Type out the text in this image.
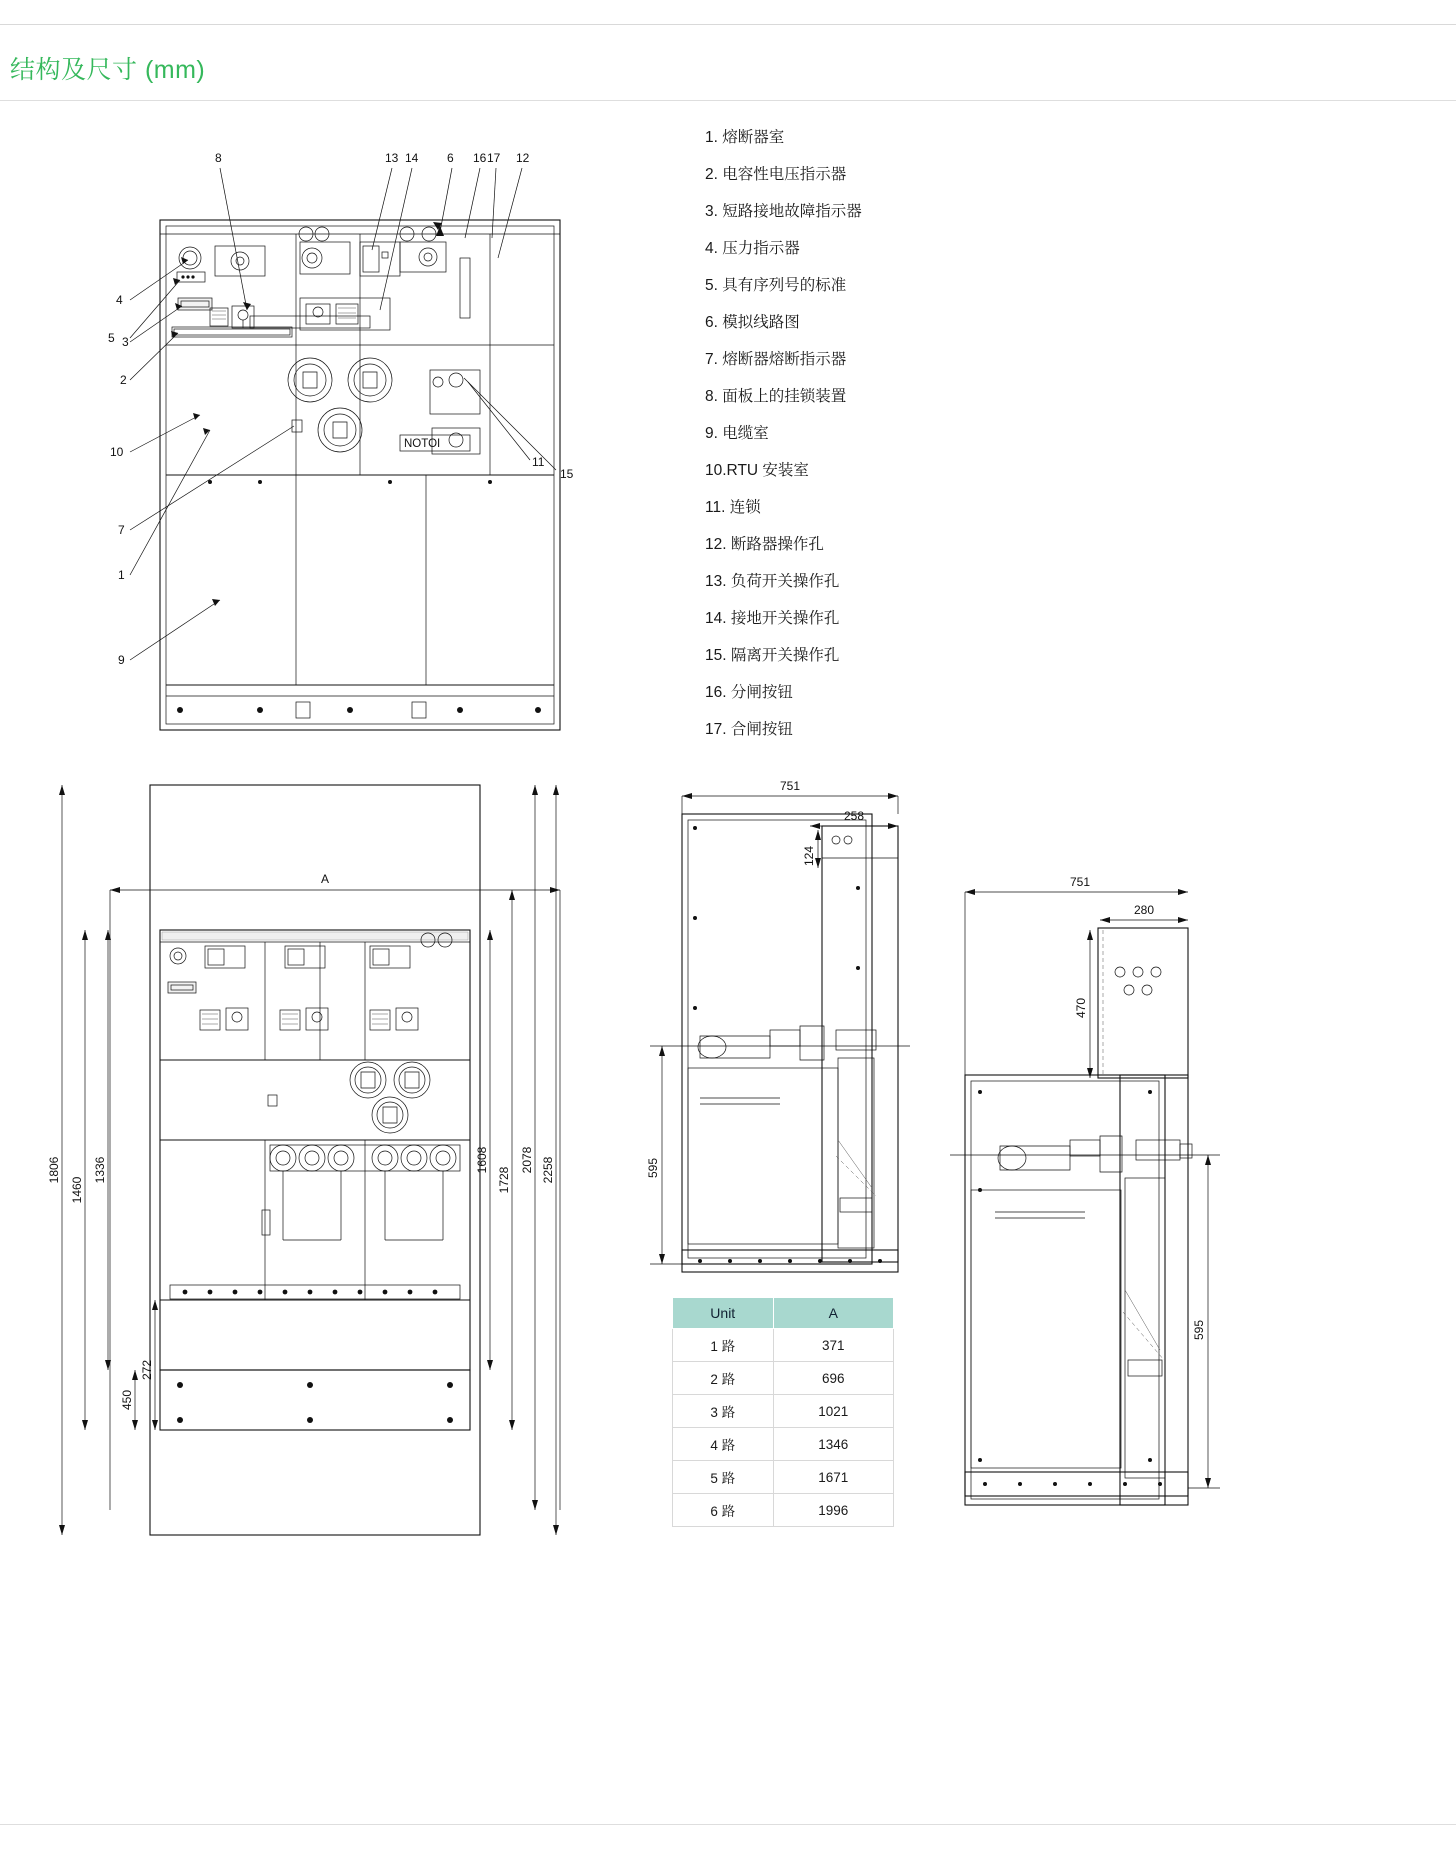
结构及尺寸 (mm)
1. 熔断器室
2. 电容性电压指示器
3. 短路接地故障指示器
4. 压力指示器
5. 具有序列号的标准
6. 模拟线路图
7. 熔断器熔断指示器
8. 面板上的挂锁装置
9. 电缆室
10.RTU 安装室
11. 连锁
12. 断路器操作孔
13. 负荷开关操作孔
14. 接地开关操作孔
15. 隔离开关操作孔
16. 分闸按钮
17. 合闸按钮
NOTOI
8	13 14 6 16 17 12
4
5 3
2
10
7
1
9
11
15
A
1806
1460
1336
450
272
1608
1728
2078 2258
751
258
124
595
751
280
470
595
Unit	A
1 路	371
2 路	696
3 路	1021
4 路	1346
5 路	1671
6 路	1996
